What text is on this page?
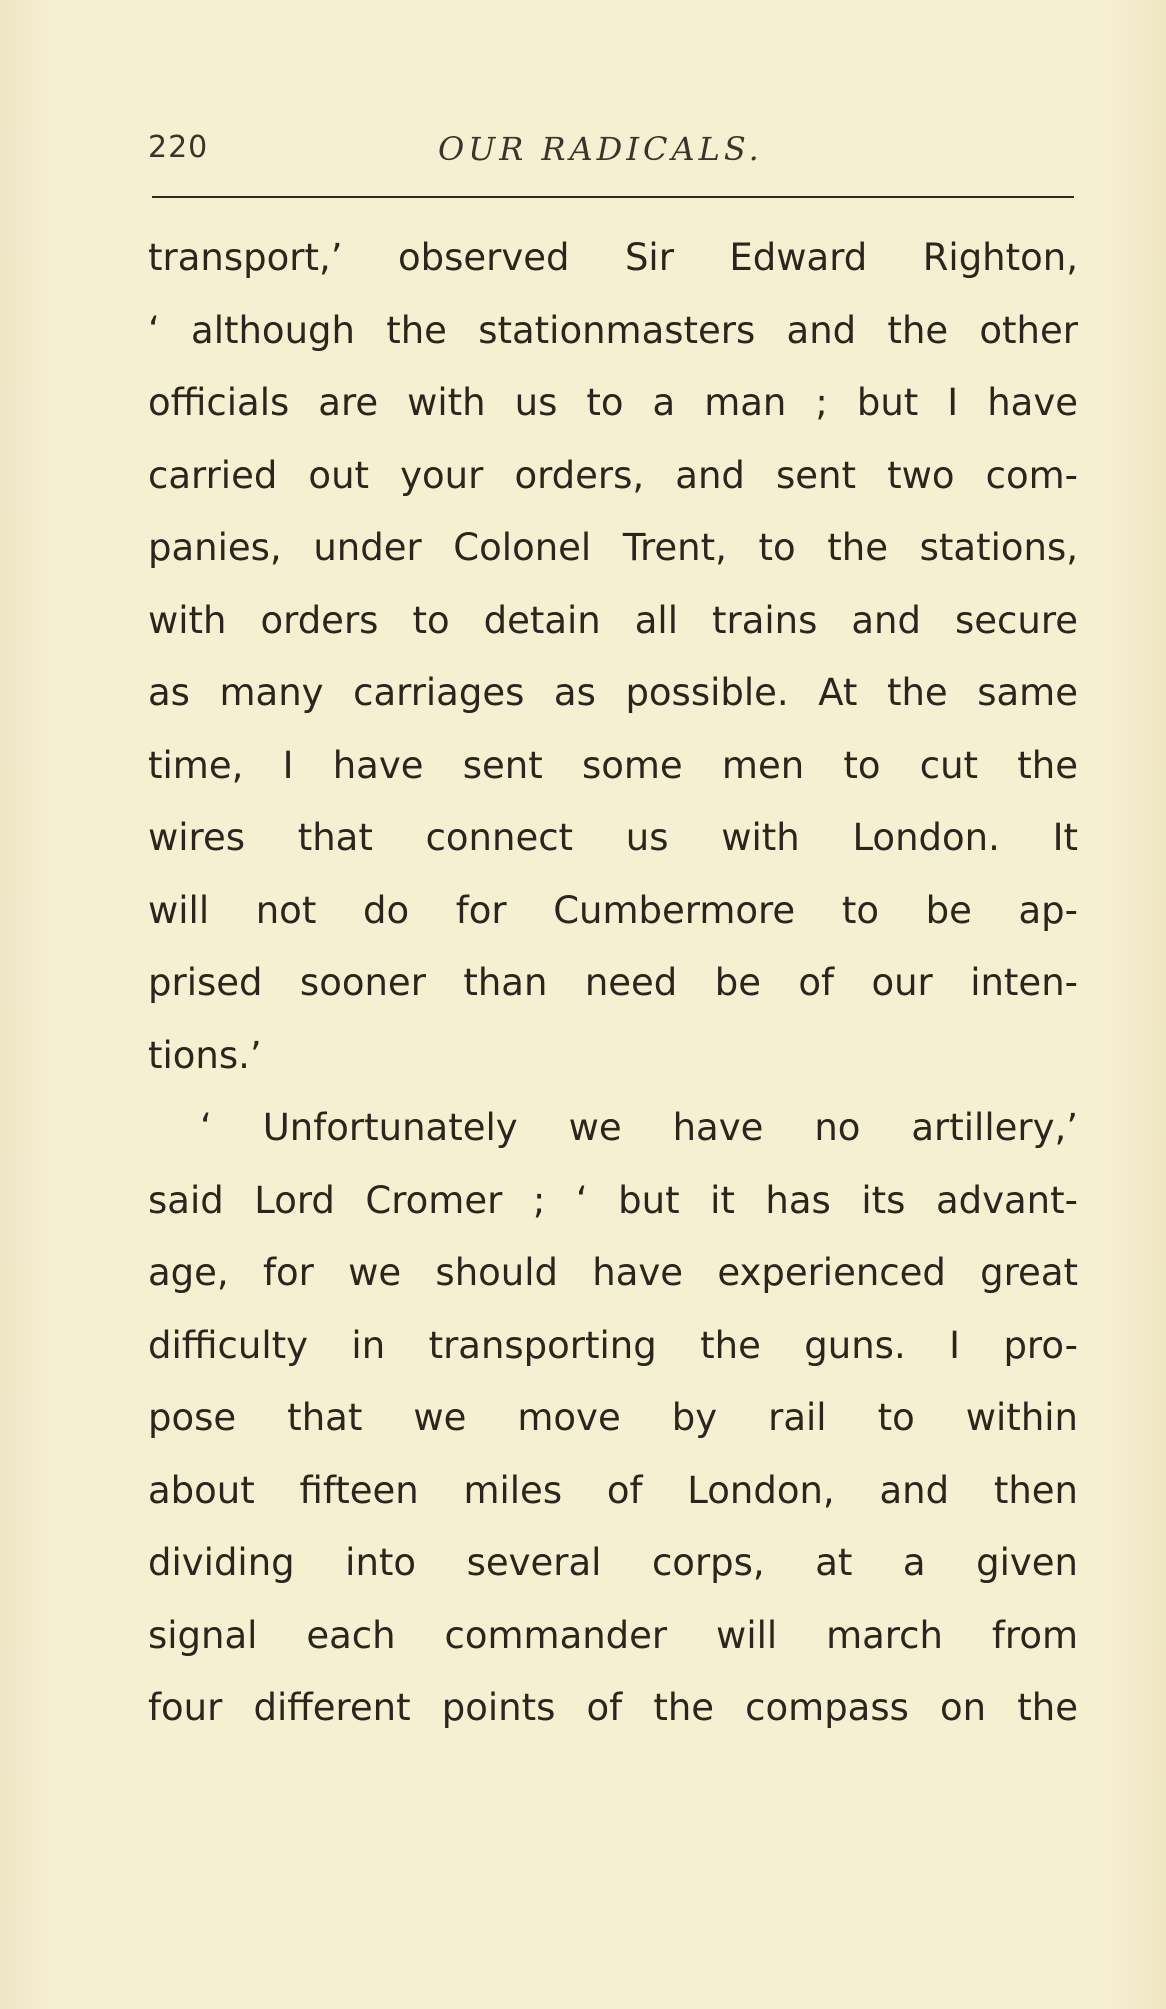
220	OUR RADICALS.
transport,’ observed Sir Edward Righton,
‘ although the stationmasters and the other
officials are with us to a man ; but I have
carried out your orders, and sent two com-
panies, under Colonel Trent, to the stations,
with orders to detain all trains and secure
as many carriages as possible. At the same
time, I have sent some men to cut the
wires that connect us with London. It
will not do for Cumbermore to be ap-
prised sooner than need be of our inten-
tions.’
‘ Unfortunately we have no artillery,’
said Lord Cromer ; ‘ but it has its advant-
age, for we should have experienced great
difficulty in transporting the guns. I pro-
pose that we move by rail to within
about fifteen miles of London, and then
dividing into several corps, at a given
signal each commander will march from
four different points of the compass on the
